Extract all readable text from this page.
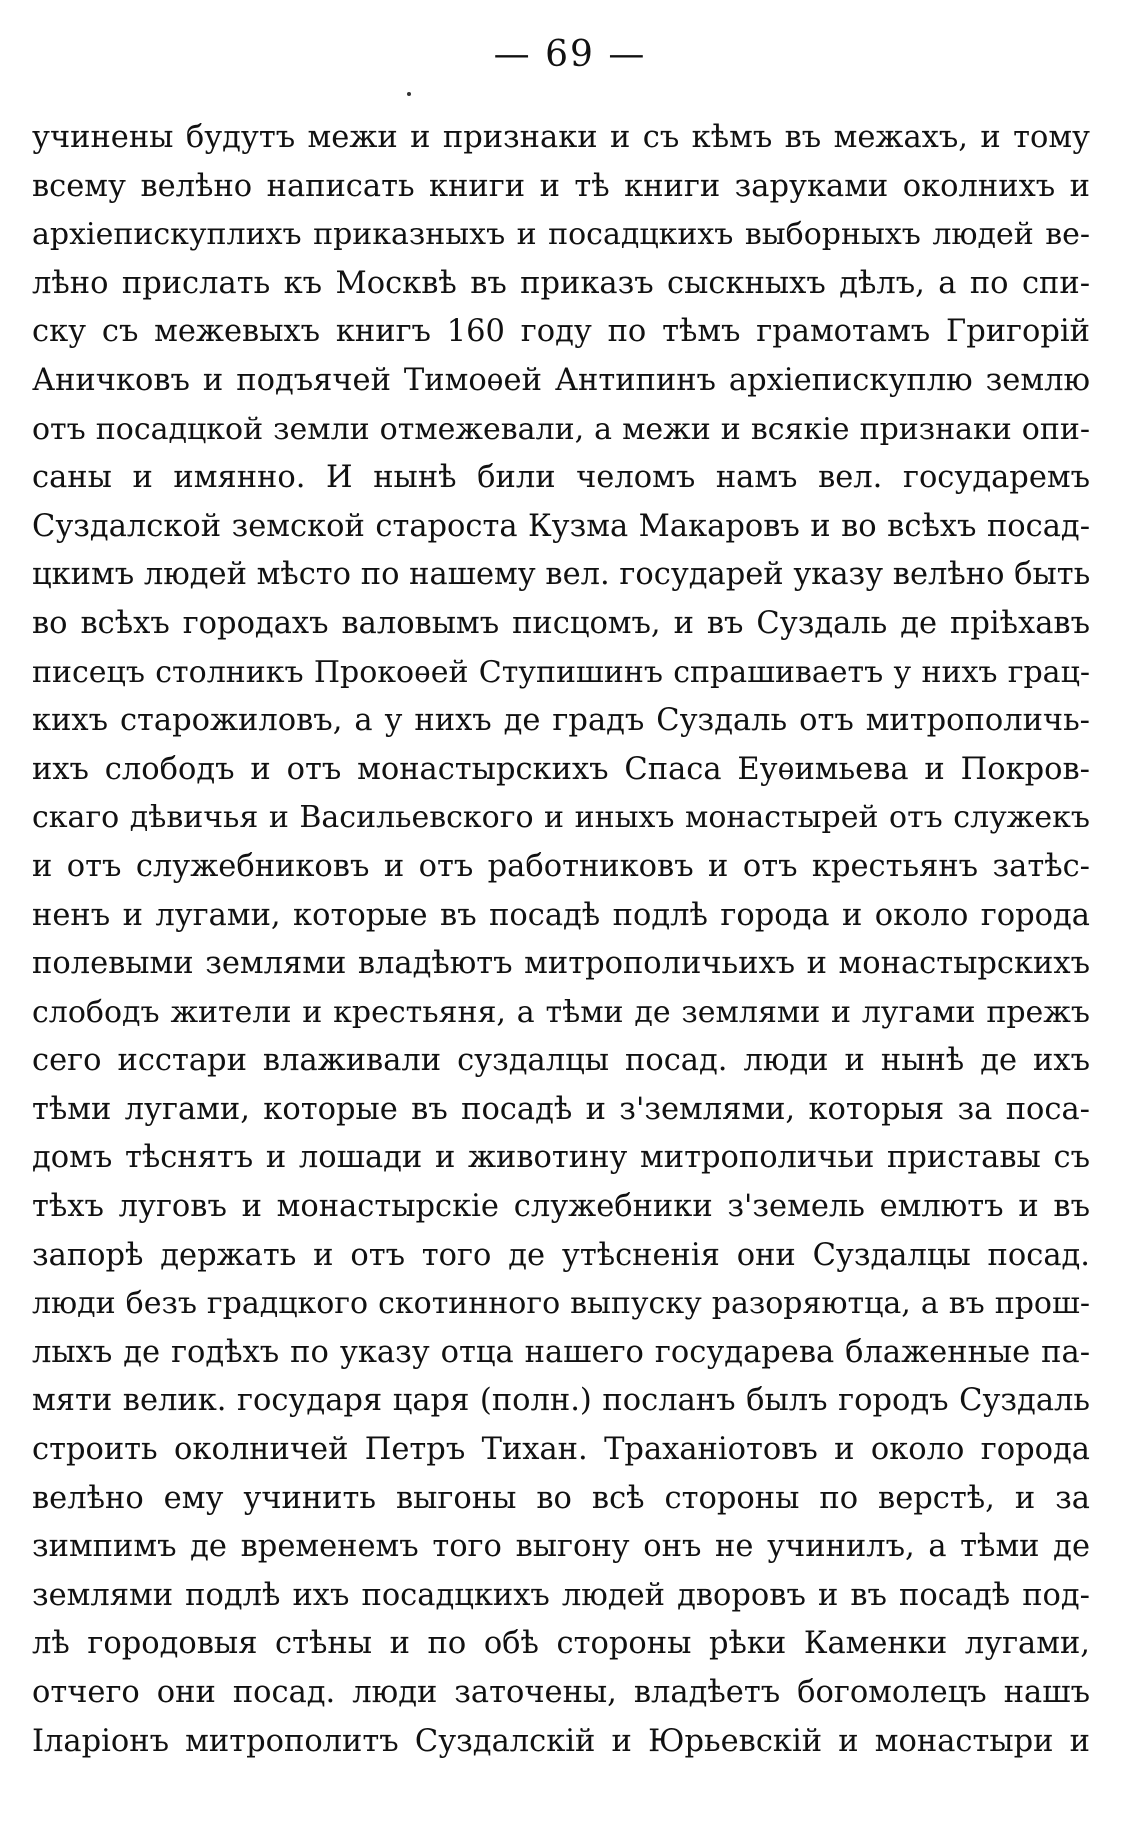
— 69 —
учинены будутъ межи и признаки и съ кѣмъ въ межахъ, и тому
всему велѣно написать книги и тѣ книги заруками околнихъ и
архіепискуплихъ приказныхъ и посадцкихъ выборныхъ людей ве-
лѣно прислать къ Москвѣ въ приказъ сыскныхъ дѣлъ, а по спи-
ску съ межевыхъ книгъ 160 году по тѣмъ грамотамъ Григорій
Аничковъ и подъячей Тимоѳей Антипинъ архіепискуплю землю
отъ посадцкой земли отмежевали, а межи и всякіе признаки опи-
саны и имянно. И нынѣ били челомъ намъ вел. государемъ
Суздалской земской староста Кузма Макаровъ и во всѣхъ посад-
цкимъ людей мѣсто по нашему вел. государей указу велѣно быть
во всѣхъ городахъ валовымъ писцомъ, и въ Суздаль де пріѣхавъ
писецъ столникъ Прокоѳей Ступишинъ спрашиваетъ у нихъ грац-
кихъ старожиловъ, а у нихъ де градъ Суздаль отъ митрополичь-
ихъ слободъ и отъ монастырскихъ Спаса Еуѳимьева и Покров-
скаго дѣвичья и Васильевского и иныхъ монастырей отъ служекъ
и отъ служебниковъ и отъ работниковъ и отъ крестьянъ затѣс-
ненъ и лугами, которые въ посадѣ подлѣ города и около города
полевыми землями владѣютъ митрополичьихъ и монастырскихъ
слободъ жители и крестьяня, а тѣми де землями и лугами прежъ
сего исстари влаживали суздалцы посад. люди и нынѣ де ихъ
тѣми лугами, которые въ посадѣ и з'землями, которыя за поса-
домъ тѣснятъ и лошади и животину митрополичьи приставы съ
тѣхъ луговъ и монастырскіе служебники з'земель емлютъ и въ
запорѣ держать и отъ того де утѣсненія они Суздалцы посад.
люди безъ градцкого скотинного выпуску разоряютца, а въ прош-
лыхъ де годѣхъ по указу отца нашего государева блаженные па-
мяти велик. государя царя (полн.) посланъ былъ городъ Суздаль
строить околничей Петръ Тихан. Траханіотовъ и около города
велѣно ему учинить выгоны во всѣ стороны по верстѣ, и за
зимпимъ де временемъ того выгону онъ не учинилъ, а тѣми де
землями подлѣ ихъ посадцкихъ людей дворовъ и въ посадѣ под-
лѣ городовыя стѣны и по обѣ стороны рѣки Каменки лугами,
отчего они посад. люди заточены, владѣетъ богомолецъ нашъ
Іларіонъ митрополитъ Суздалскій и Юрьевскій и монастыри и
